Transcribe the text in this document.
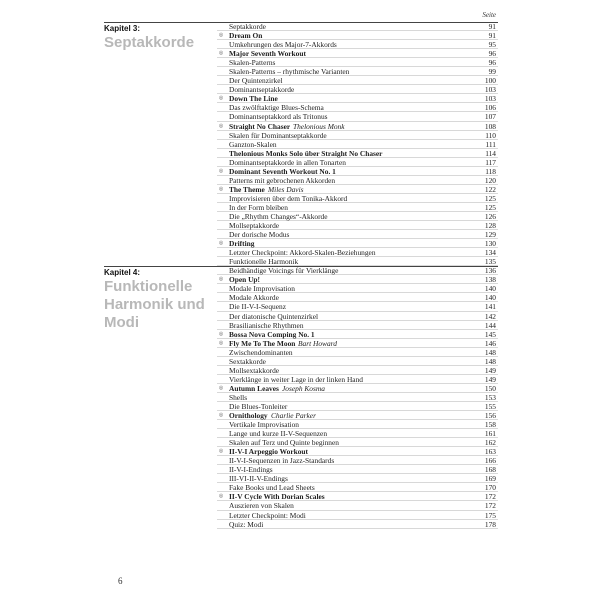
Seite
Kapitel 3:
Septakkorde
Kapitel 4:
Funktionelle
Harmonik und Modi
Septakkorde	91
◎ Dream On	91
Umkehrungen des Major-7-Akkords	95
◎ Major Seventh Workout	96
Skalen-Patterns	96
Skalen-Patterns – rhythmische Varianten	99
Der Quintenzirkel	100
Dominantseptakkorde	103
◎ Down The Line	103
Das zwölftaktige Blues-Schema	106
Dominantseptakkord als Tritonus	107
◎ Straight No Chaser Thelonious Monk	108
Skalen für Dominantseptakkorde	110
Ganzton-Skalen	111
Thelonious Monks Solo über Straight No Chaser	114
Dominantseptakkorde in allen Tonarten	117
◎ Dominant Seventh Workout No. 1	118
Patterns mit gebrochenen Akkorden	120
◎ The Theme Miles Davis	122
Improvisieren über dem Tonika-Akkord	125
In der Form bleiben	125
Die „Rhythm Changes“-Akkorde	126
Mollseptakkorde	128
Der dorische Modus	129
◎ Drifting	130
Letzter Checkpoint: Akkord-Skalen-Beziehungen	134
Funktionelle Harmonik	135
Beidhändige Voicings für Vierklänge	136
◎ Open Up!	138
Modale Improvisation	140
Modale Akkorde	140
Die II-V-I-Sequenz	141
Der diatonische Quintenzirkel	142
Brasilianische Rhythmen	144
◎ Bossa Nova Comping No. 1	145
◎ Fly Me To The Moon Bart Howard	146
Zwischendominanten	148
Sextakkorde	148
Mollsextakkorde	149
Vierklänge in weiter Lage in der linken Hand	149
◎ Autumn Leaves Joseph Kosma	150
Shells	153
Die Blues-Tonleiter	155
◎ Ornithology Charlie Parker	156
Vertikale Improvisation	158
Lange und kurze II-V-Sequenzen	161
Skalen auf Terz und Quinte beginnen	162
◎ II-V-I Arpeggio Workout	163
II-V-I-Sequenzen in Jazz-Standards	166
II-V-I-Endings	168
III-VI-II-V-Endings	169
Fake Books und Lead Sheets	170
◎ II-V Cycle With Dorian Scales	172
Auszieren von Skalen	172
Letzter Checkpoint: Modi	175
Quiz: Modi	178
6
